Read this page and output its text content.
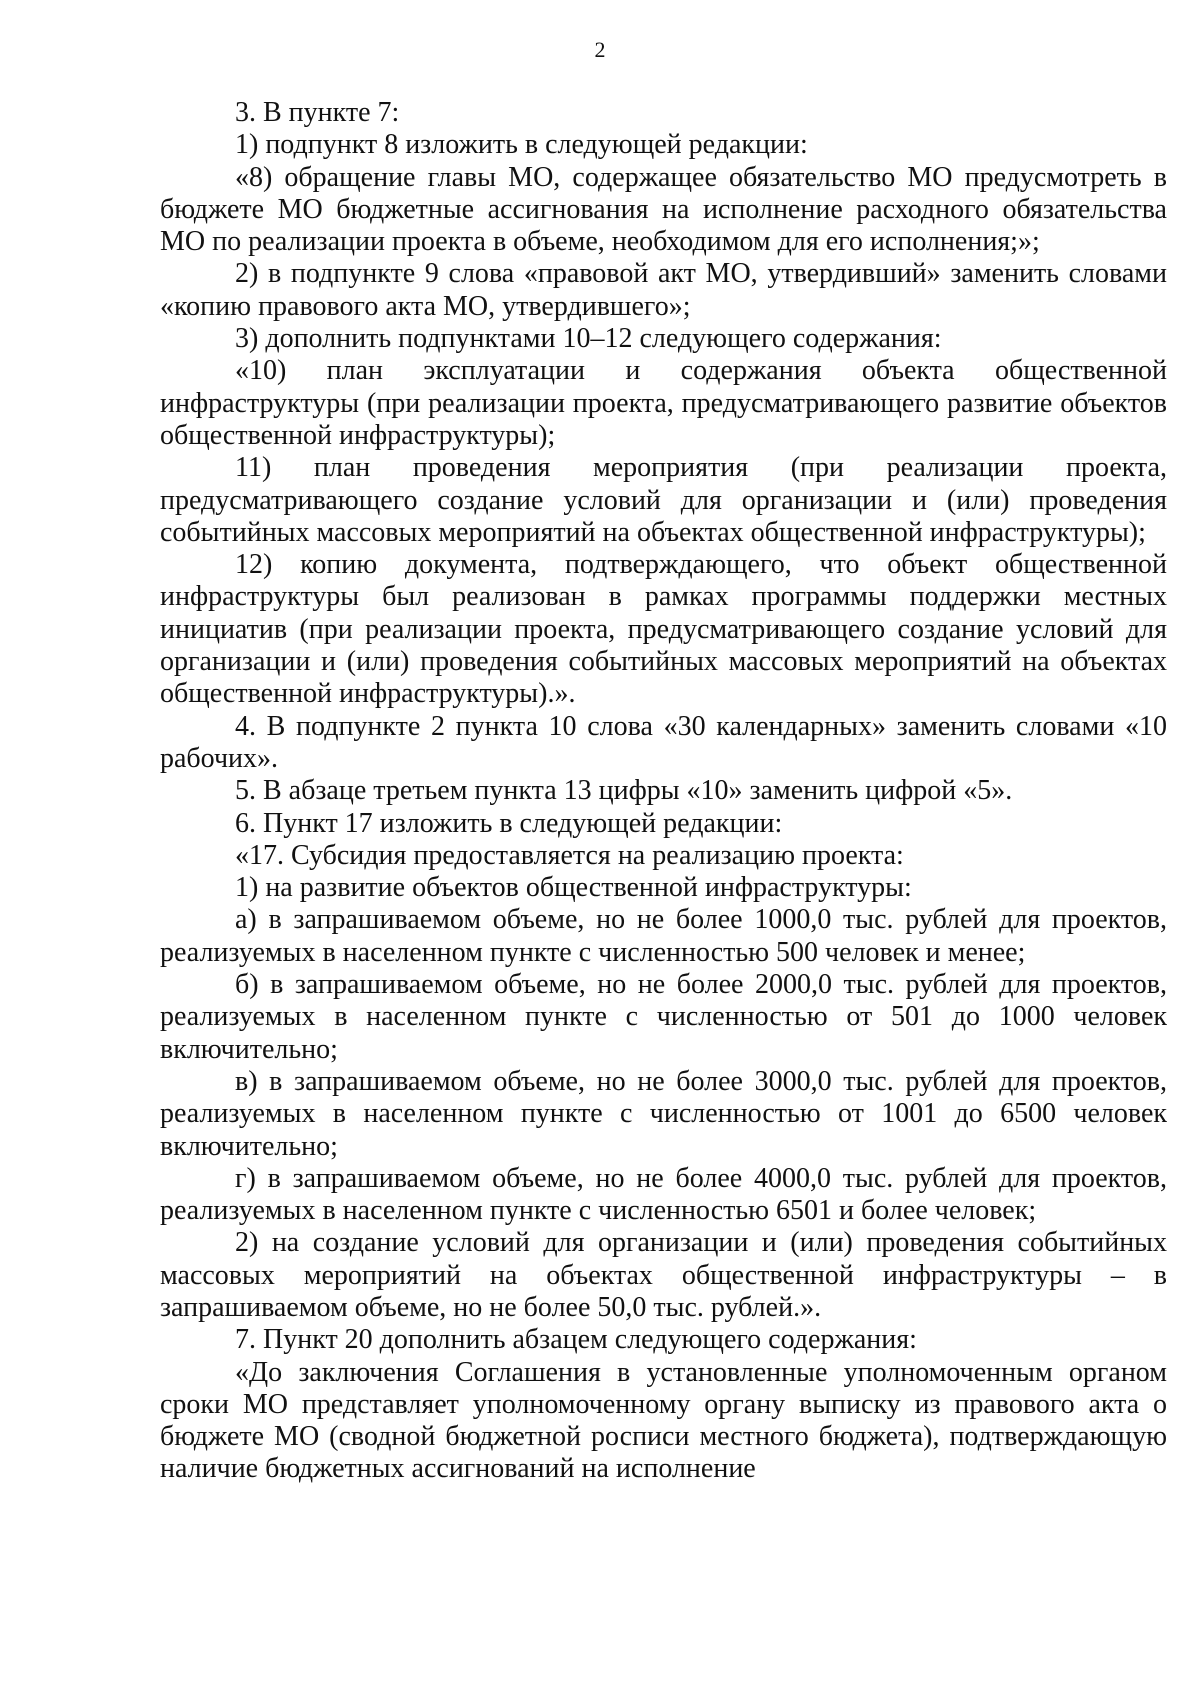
2

3. В пункте 7:

1) подпункт 8 изложить в следующей редакции:

«8) обращение главы МО, содержащее обязательство МО предусмотреть в бюджете МО бюджетные ассигнования на исполнение расходного обязательства МО по реализации проекта в объеме, необходимом для его исполнения;»;

2) в подпункте 9 слова «правовой акт МО, утвердивший» заменить словами «копию правового акта МО, утвердившего»;

3) дополнить подпунктами 10–12 следующего содержания:

«10) план эксплуатации и содержания объекта общественной инфраструктуры (при реализации проекта, предусматривающего развитие объектов общественной инфраструктуры);

11) план проведения мероприятия (при реализации проекта, предусматривающего создание условий для организации и (или) проведения событийных массовых мероприятий на объектах общественной инфраструктуры);

12) копию документа, подтверждающего, что объект общественной инфраструктуры был реализован в рамках программы поддержки местных инициатив (при реализации проекта, предусматривающего создание условий для организации и (или) проведения событийных массовых мероприятий на объектах общественной инфраструктуры).».

4. В подпункте 2 пункта 10 слова «30 календарных» заменить словами «10 рабочих».

5. В абзаце третьем пункта 13 цифры «10» заменить цифрой «5».

6. Пункт 17 изложить в следующей редакции:

«17. Субсидия предоставляется на реализацию проекта:

1) на развитие объектов общественной инфраструктуры:

а) в запрашиваемом объеме, но не более 1000,0 тыс. рублей для проектов, реализуемых в населенном пункте с численностью 500 человек и менее;

б) в запрашиваемом объеме, но не более 2000,0 тыс. рублей для проектов, реализуемых в населенном пункте с численностью от 501 до 1000 человек включительно;

в) в запрашиваемом объеме, но не более 3000,0 тыс. рублей для проектов, реализуемых в населенном пункте с численностью от 1001 до 6500 человек включительно;

г) в запрашиваемом объеме, но не более 4000,0 тыс. рублей для проектов, реализуемых в населенном пункте с численностью 6501 и более человек;

2) на создание условий для организации и (или) проведения событийных массовых мероприятий на объектах общественной инфраструктуры – в запрашиваемом объеме, но не более 50,0 тыс. рублей.».

7. Пункт 20 дополнить абзацем следующего содержания:

«До заключения Соглашения в установленные уполномоченным органом сроки МО представляет уполномоченному органу выписку из правового акта о бюджете МО (сводной бюджетной росписи местного бюджета), подтверждающую наличие бюджетных ассигнований на исполнение
